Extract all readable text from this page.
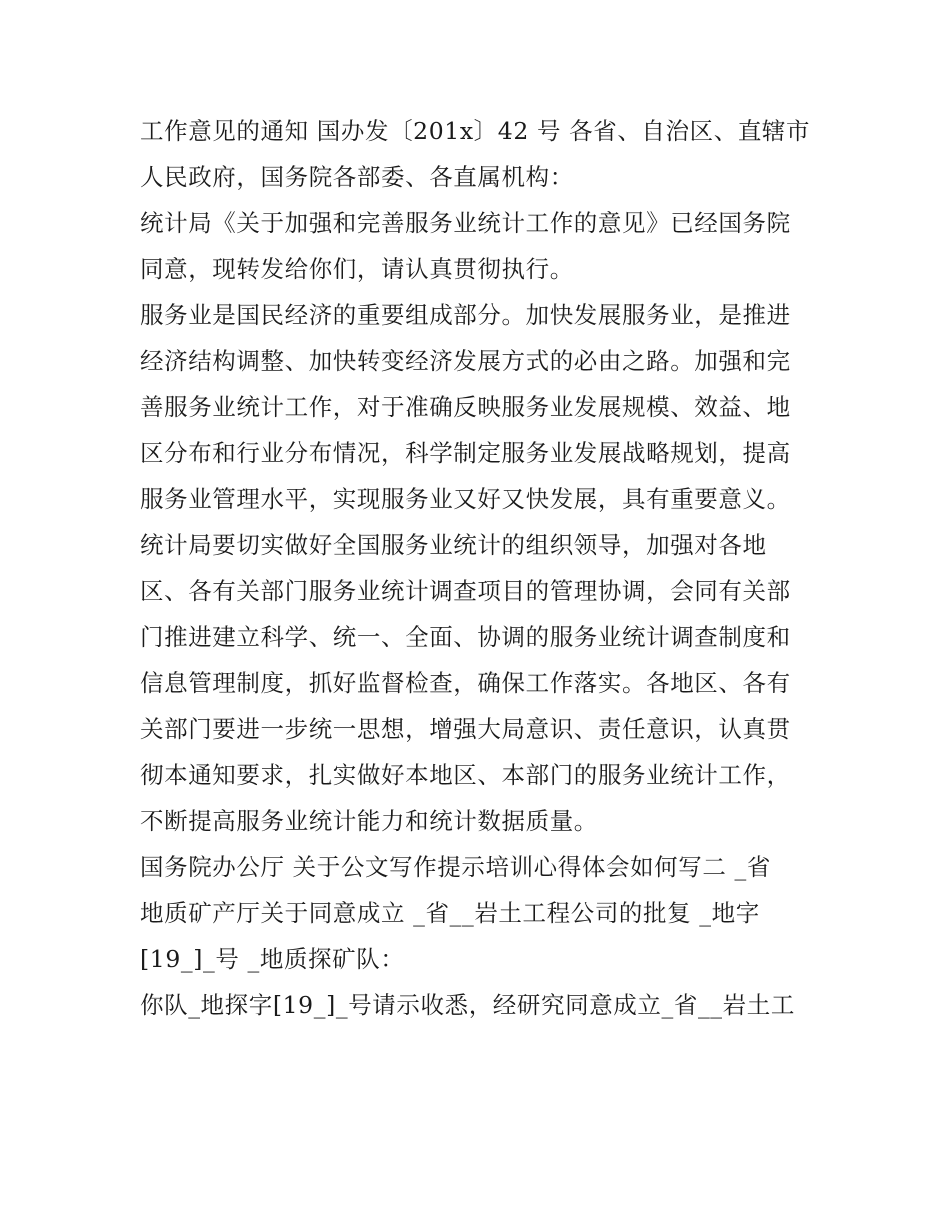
工作意见的通知 国办发〔201x〕42 号 各省、自治区、直辖市
人民政府，国务院各部委、各直属机构：
统计局《关于加强和完善服务业统计工作的意见》已经国务院
同意，现转发给你们，请认真贯彻执行。
服务业是国民经济的重要组成部分。加快发展服务业，是推进
经济结构调整、加快转变经济发展方式的必由之路。加强和完
善服务业统计工作，对于准确反映服务业发展规模、效益、地
区分布和行业分布情况，科学制定服务业发展战略规划，提高
服务业管理水平，实现服务业又好又快发展，具有重要意义。
统计局要切实做好全国服务业统计的组织领导，加强对各地
区、各有关部门服务业统计调查项目的管理协调，会同有关部
门推进建立科学、统一、全面、协调的服务业统计调查制度和
信息管理制度，抓好监督检查，确保工作落实。各地区、各有
关部门要进一步统一思想，增强大局意识、责任意识，认真贯
彻本通知要求，扎实做好本地区、本部门的服务业统计工作，
不断提高服务业统计能力和统计数据质量。
国务院办公厅 关于公文写作提示培训心得体会如何写二 _省
地质矿产厅关于同意成立 _省__岩土工程公司的批复 _地字
[19_]_号 _地质探矿队：
你队_地探字[19_]_号请示收悉，经研究同意成立_省__岩土工
